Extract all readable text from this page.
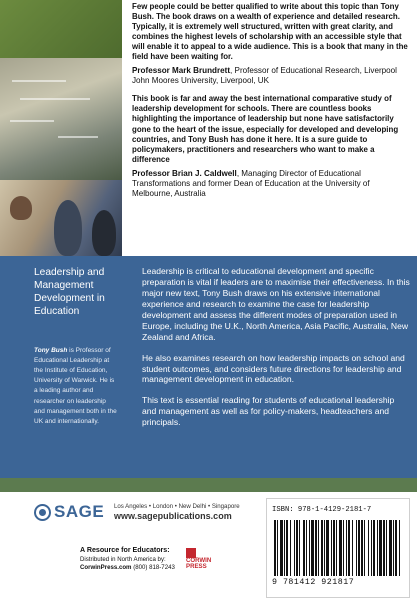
Few people could be better qualified to write about this topic than Tony Bush. The book draws on a wealth of experience and detailed research. Typically, it is extremely well structured, written with great clarity, and combines the highest levels of scholarship with an accessible style that will enable it to appeal to a wide audience. This is a book that many in the field have been waiting for.

Professor Mark Brundrett, Professor of Educational Research, Liverpool John Moores University, Liverpool, UK

This book is far and away the best international comparative study of leadership development for schools. There are countless books highlighting the importance of leadership but none have satisfactorily gone to the heart of the issue, especially for developed and developing countries, and Tony Bush has done it here. It is a sure guide to policymakers, practitioners and researchers who want to make a difference

Professor Brian J. Caldwell, Managing Director of Educational Transformations and former Dean of Education at the University of Melbourne, Australia

Leadership and Management Development in Education

Tony Bush is Professor of Educational Leadership at the Institute of Education, University of Warwick. He is a leading author and researcher on leadership and management both in the UK and internationally.

Leadership is critical to educational development and specific preparation is vital if leaders are to maximise their effectiveness. In this major new text, Tony Bush draws on his extensive international experience and research to examine the case for leadership development and assess the different modes of preparation used in Europe, including the U.K., North America, Asia Pacific, Australia, New Zealand and Africa.

He also examines research on how leadership impacts on school and student outcomes, and considers future directions for leadership and management development in education.

This text is essential reading for students of educational leadership and management as well as for policy-makers, headteachers and principals.

SAGE Los Angeles • London • New Delhi • Singapore
www.sagepublications.com
A Resource for Educators:
Distributed in North America by:
CorwinPress.com (800) 818-7243
CORWIN
PRESS
ISBN: 978-1-4129-2181-7
9 781412 921817
